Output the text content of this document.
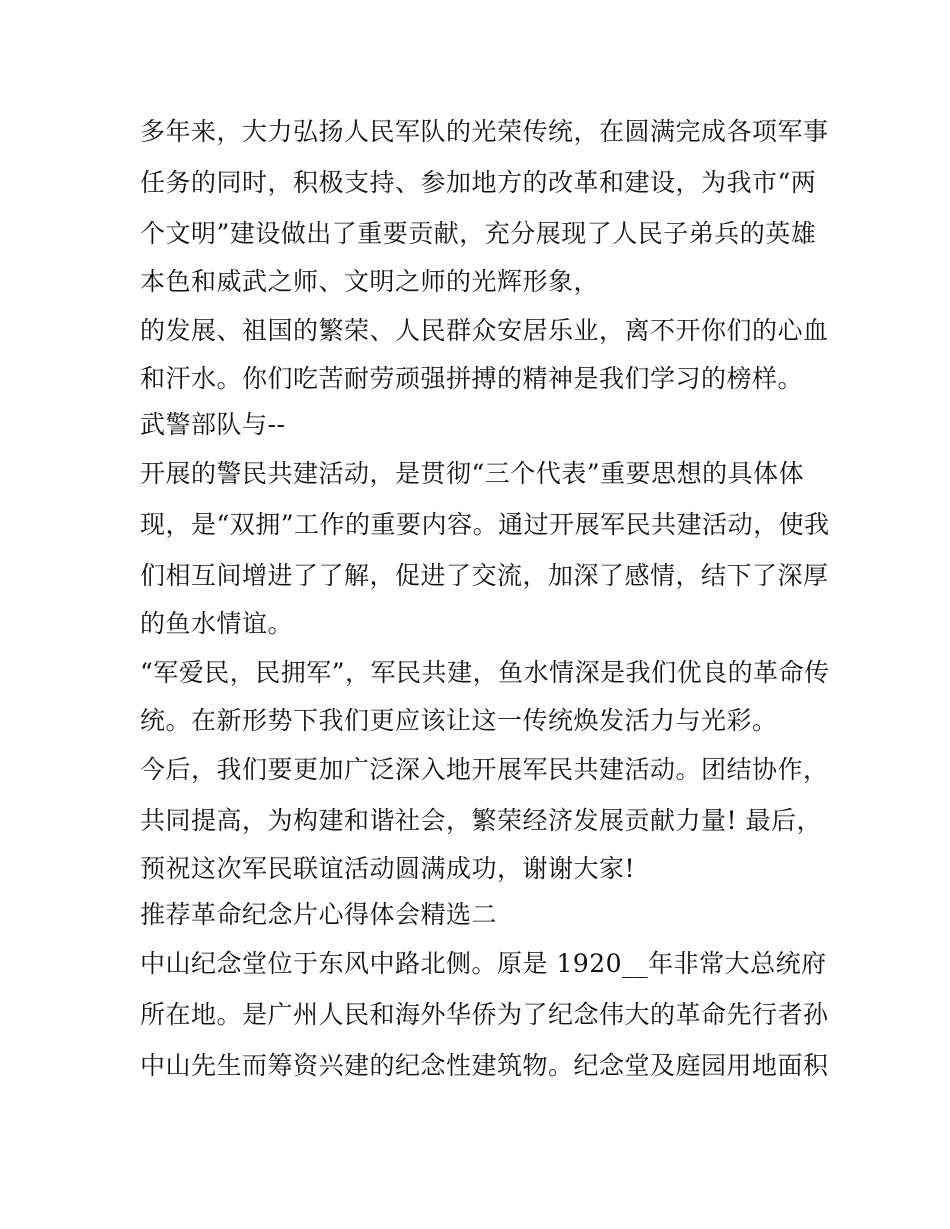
多年来，大力弘扬人民军队的光荣传统，在圆满完成各项军事
任务的同时，积极支持、参加地方的改革和建设，为我市“两
个文明”建设做出了重要贡献，充分展现了人民子弟兵的英雄
本色和威武之师、文明之师的光辉形象，
的发展、祖国的繁荣、人民群众安居乐业，离不开你们的心血
和汗水。你们吃苦耐劳顽强拼搏的精神是我们学习的榜样。
武警部队与--
开展的警民共建活动，是贯彻“三个代表”重要思想的具体体
现，是“双拥”工作的重要内容。通过开展军民共建活动，使我
们相互间增进了了解，促进了交流，加深了感情，结下了深厚
的鱼水情谊。
“军爱民，民拥军”，军民共建，鱼水情深是我们优良的革命传
统。在新形势下我们更应该让这一传统焕发活力与光彩。
今后，我们要更加广泛深入地开展军民共建活动。团结协作，
共同提高，为构建和谐社会，繁荣经济发展贡献力量! 最后，
预祝这次军民联谊活动圆满成功，谢谢大家!
推荐革命纪念片心得体会精选二
中山纪念堂位于东风中路北侧。原是 1920__年非常大总统府
所在地。是广州人民和海外华侨为了纪念伟大的革命先行者孙
中山先生而筹资兴建的纪念性建筑物。纪念堂及庭园用地面积
